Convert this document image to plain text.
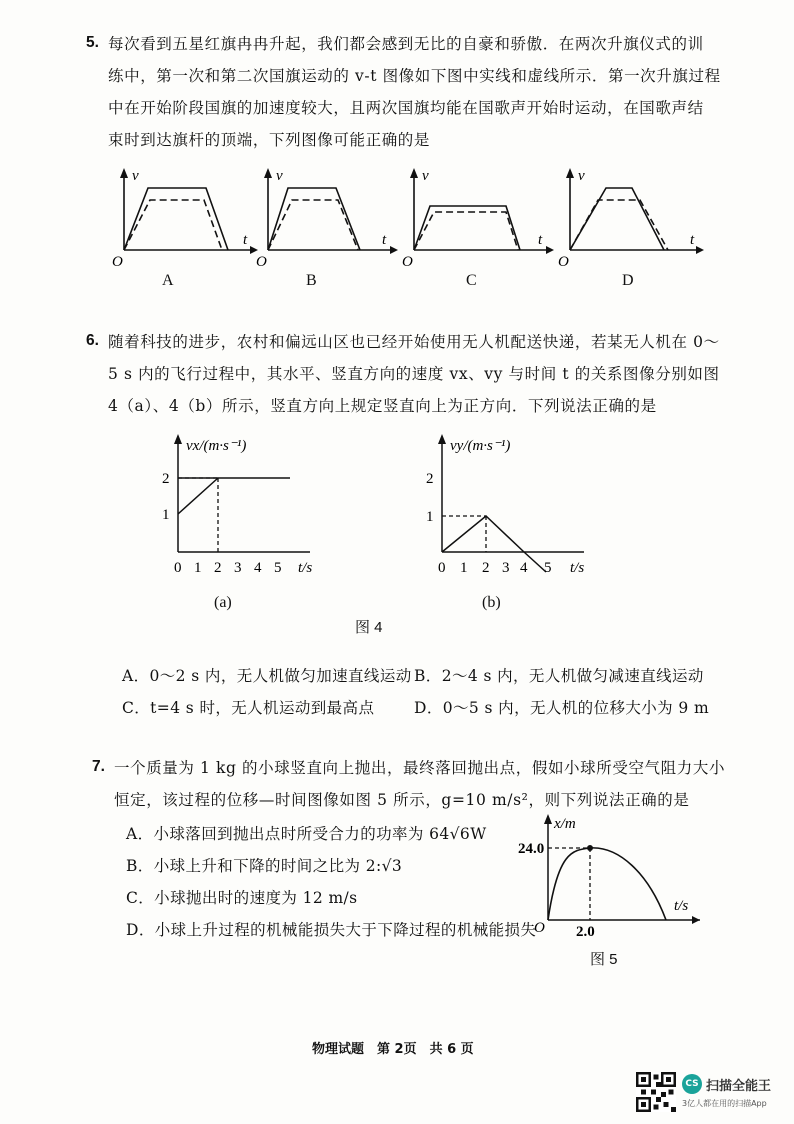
5. 每次看到五星红旗冉冉升起，我们都会感到无比的自豪和骄傲．在两次升旗仪式的训
练中，第一次和第二次国旗运动的 v-t 图像如下图中实线和虚线所示．第一次升旗过程
中在开始阶段国旗的加速度较大，且两次国旗均能在国歌声开始时运动，在国歌声结
束时到达旗杆的顶端，下列图像可能正确的是
v
t
O
A
v
t
O
B
v
t
O
C
v
t
O
D
6. 随着科技的进步，农村和偏远山区也已经开始使用无人机配送快递，若某无人机在 0～
5 s 内的飞行过程中，其水平、竖直方向的速度 vx、vy 与时间 t 的关系图像分别如图
4（a）、4（b）所示，竖直方向上规定竖直向上为正方向．下列说法正确的是
2
1
0 1 2 3 4 5 t/s
vx/(m·s⁻¹)
(a)
2
1
0 1 2 3 4 5 t/s
vy/(m·s⁻¹)
(b)
图 4
A．0～2 s 内，无人机做匀加速直线运动 B．2～4 s 内，无人机做匀减速直线运动
C．t=4 s 时，无人机运动到最高点	D．0～5 s 内，无人机的位移大小为 9 m
7. 一个质量为 1 kg 的小球竖直向上抛出，最终落回抛出点，假如小球所受空气阻力大小
恒定，该过程的位移—时间图像如图 5 所示，g=10 m/s²，则下列说法正确的是
A．小球落回到抛出点时所受合力的功率为 64√6W
B．小球上升和下降的时间之比为 2:√3
C．小球抛出时的速度为 12 m/s
D．小球上升过程的机械能损失大于下降过程的机械能损失
x/m
24.0
2.0
t/s
O
图 5
物理试题　第 2页　共 6 页
CS 扫描全能王
3亿人都在用的扫描App
